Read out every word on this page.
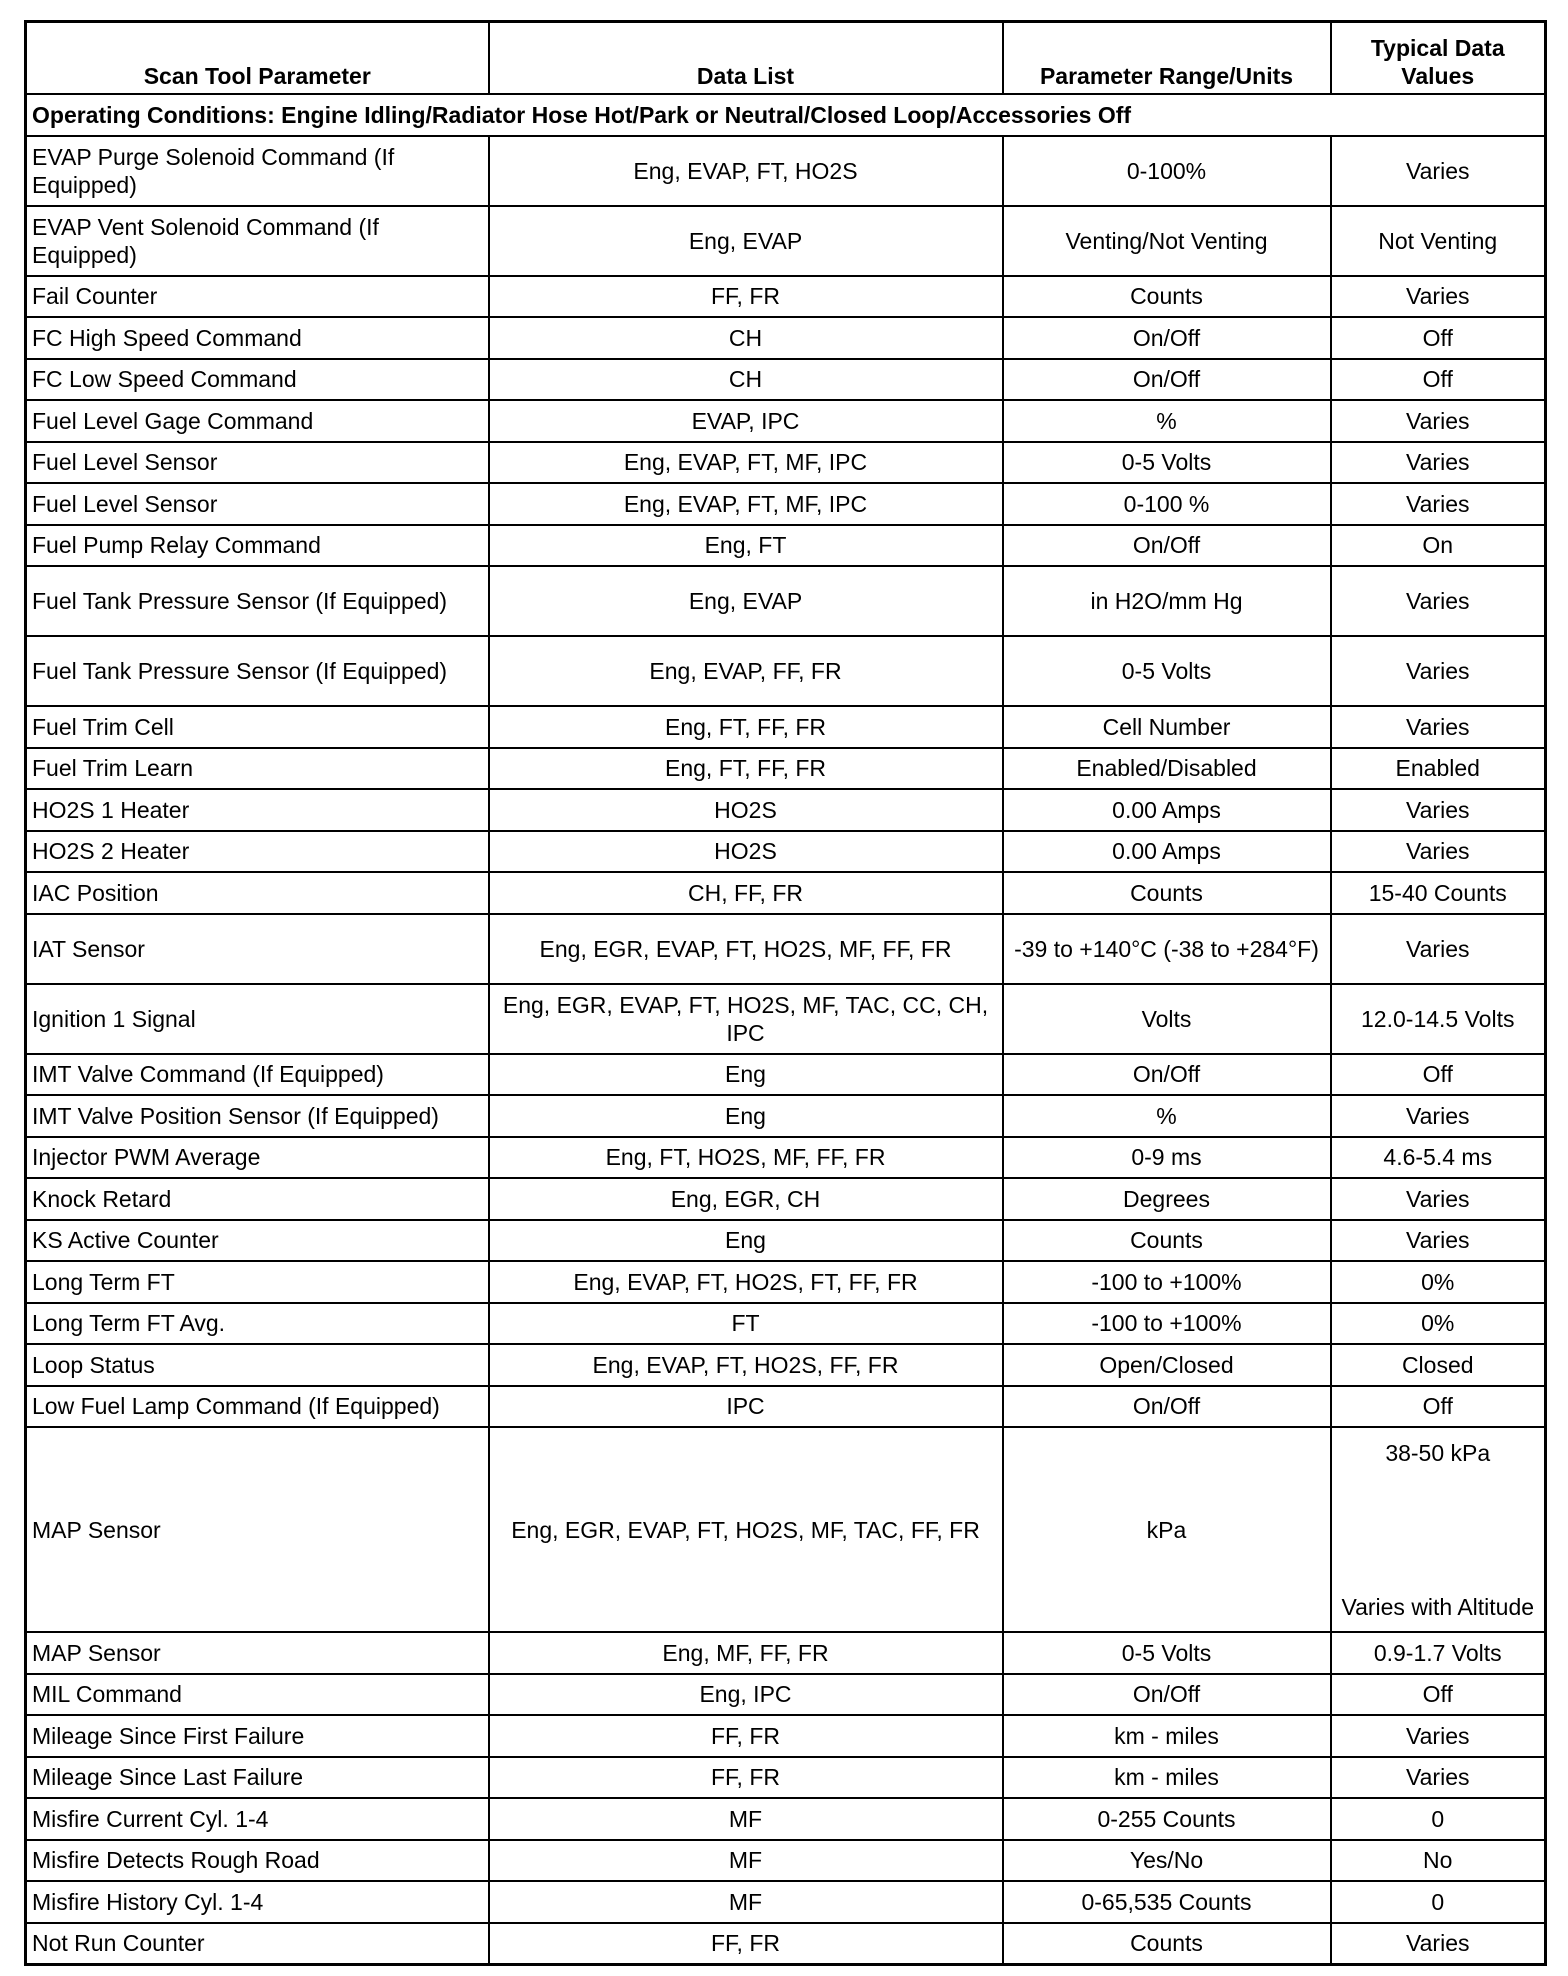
Scan Tool Parameter	Data List	Parameter Range/Units	Typical Data Values
Operating Conditions: Engine Idling/Radiator Hose Hot/Park or Neutral/Closed Loop/Accessories Off			
EVAP Purge Solenoid Command (If Equipped)	Eng, EVAP, FT, HO2S	0-100%	Varies
EVAP Vent Solenoid Command (If Equipped)	Eng, EVAP	Venting/Not Venting	Not Venting
Fail Counter	FF, FR	Counts	Varies
FC High Speed Command	CH	On/Off	Off
FC Low Speed Command	CH	On/Off	Off
Fuel Level Gage Command	EVAP, IPC	%	Varies
Fuel Level Sensor	Eng, EVAP, FT, MF, IPC	0-5 Volts	Varies
Fuel Level Sensor	Eng, EVAP, FT, MF, IPC	0-100 %	Varies
Fuel Pump Relay Command	Eng, FT	On/Off	On
Fuel Tank Pressure Sensor (If Equipped)	Eng, EVAP	in H2O/mm Hg	Varies
Fuel Tank Pressure Sensor (If Equipped)	Eng, EVAP, FF, FR	0-5 Volts	Varies
Fuel Trim Cell	Eng, FT, FF, FR	Cell Number	Varies
Fuel Trim Learn	Eng, FT, FF, FR	Enabled/Disabled	Enabled
HO2S 1 Heater	HO2S	0.00 Amps	Varies
HO2S 2 Heater	HO2S	0.00 Amps	Varies
IAC Position	CH, FF, FR	Counts	15-40 Counts
IAT Sensor	Eng, EGR, EVAP, FT, HO2S, MF, FF, FR	-39 to +140°C (-38 to +284°F)	Varies
Ignition 1 Signal	Eng, EGR, EVAP, FT, HO2S, MF, TAC, CC, CH, IPC	Volts	12.0-14.5 Volts
IMT Valve Command (If Equipped)	Eng	On/Off	Off
IMT Valve Position Sensor (If Equipped)	Eng	%	Varies
Injector PWM Average	Eng, FT, HO2S, MF, FF, FR	0-9 ms	4.6-5.4 ms
Knock Retard	Eng, EGR, CH	Degrees	Varies
KS Active Counter	Eng	Counts	Varies
Long Term FT	Eng, EVAP, FT, HO2S, FT, FF, FR	-100 to +100%	0%
Long Term FT Avg.	FT	-100 to +100%	0%
Loop Status	Eng, EVAP, FT, HO2S, FF, FR	Open/Closed	Closed
Low Fuel Lamp Command (If Equipped)	IPC	On/Off	Off
MAP Sensor	Eng, EGR, EVAP, FT, HO2S, MF, TAC, FF, FR	kPa	38-50 kPa
Varies with Altitude

MAP Sensor	Eng, MF, FF, FR	0-5 Volts	0.9-1.7 Volts
MIL Command	Eng, IPC	On/Off	Off
Mileage Since First Failure	FF, FR	km - miles	Varies
Mileage Since Last Failure	FF, FR	km - miles	Varies
Misfire Current Cyl. 1-4	MF	0-255 Counts	0
Misfire Detects Rough Road	MF	Yes/No	No
Misfire History Cyl. 1-4	MF	0-65,535 Counts	0
Not Run Counter	FF, FR	Counts	Varies
